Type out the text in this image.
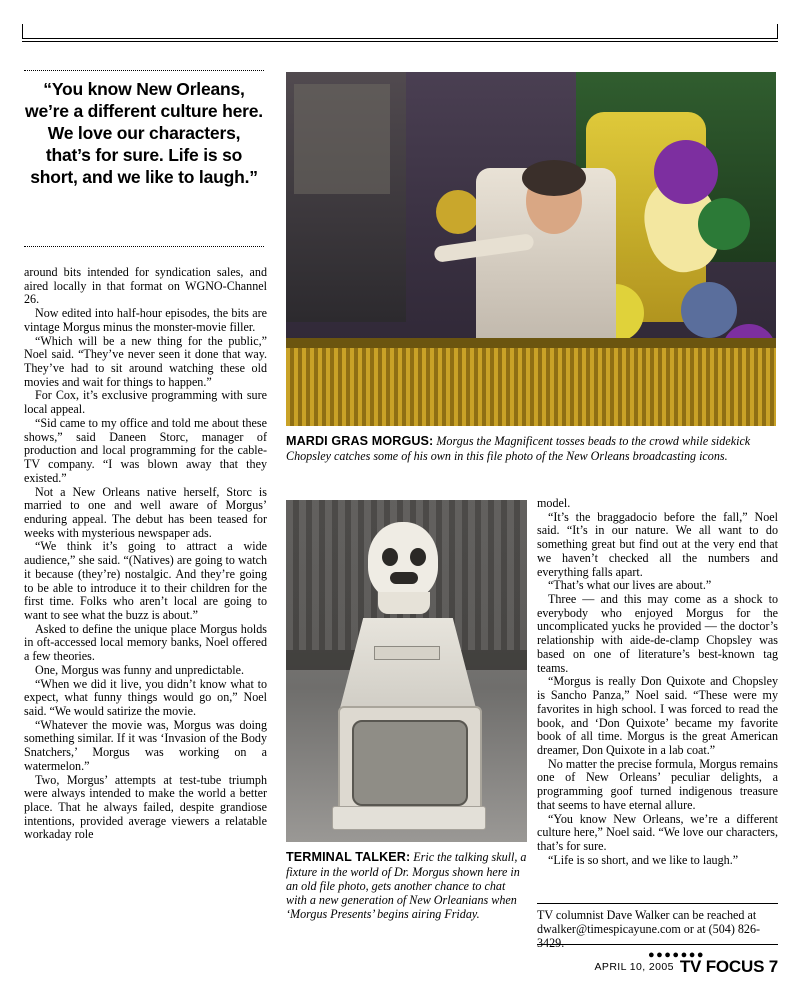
“You know New Orleans, we’re a different culture here. We love our characters, that’s for sure. Life is so short, and we like to laugh.”
MARDI GRAS MORGUS: Morgus the Magnificent tosses beads to the crowd while sidekick Chopsley catches some of his own in this file photo of the New Orleans broadcasting icons.
TERMINAL TALKER: Eric the talking skull, a fixture in the world of Dr. Morgus shown here in an old file photo, gets another chance to chat with a new generation of New Orleanians when ‘Morgus Presents’ begins airing Friday.

around bits intended for syndication sales, and aired locally in that format on WGNO-Channel 26.

Now edited into half-hour episodes, the bits are vintage Morgus minus the monster-movie filler.

“Which will be a new thing for the public,” Noel said. “They’ve never seen it done that way. They’ve had to sit around watching these old movies and wait for things to happen.”

For Cox, it’s exclusive programming with sure local appeal.

“Sid came to my office and told me about these shows,” said Daneen Storc, manager of production and local programming for the cable-TV company. “I was blown away that they existed.”

Not a New Orleans native herself, Storc is married to one and well aware of Morgus’ enduring appeal. The debut has been teased for weeks with mysterious newspaper ads.

“We think it’s going to attract a wide audience,” she said. “(Natives) are going to watch it because (they’re) nostalgic. And they’re going to be able to introduce it to their children for the first time. Folks who aren’t local are going to want to see what the buzz is about.”

Asked to define the unique place Morgus holds in oft-accessed local memory banks, Noel offered a few theories.

One, Morgus was funny and unpredictable.

“When we did it live, you didn’t know what to expect, what funny things would go on,” Noel said. “We would satirize the movie.

“Whatever the movie was, Morgus was doing something similar. If it was ‘Invasion of the Body Snatchers,’ Morgus was working on a watermelon.”

Two, Morgus’ attempts at test-tube triumph were always intended to make the world a better place. That he always failed, despite grandiose intentions, provided average viewers a relatable workaday role

model.

“It’s the braggadocio before the fall,” Noel said. “It’s in our nature. We all want to do something great but find out at the very end that we haven’t checked all the numbers and everything falls apart.

“That’s what our lives are about.”

Three — and this may come as a shock to everybody who enjoyed Morgus for the uncomplicated yucks he provided — the doctor’s relationship with aide-de-clamp Chopsley was based on one of literature’s best-known tag teams.

“Morgus is really Don Quixote and Chopsley is Sancho Panza,” Noel said. “These were my favorites in high school. I was forced to read the book, and ‘Don Quixote’ became my favorite book of all time. Morgus is the great American dreamer, Don Quixote in a lab coat.”

No matter the precise formula, Morgus remains one of New Orleans’ peculiar delights, a programming goof turned indigenous treasure that seems to have eternal allure.

“You know New Orleans, we’re a different culture here,” Noel said. “We love our characters, that’s for sure.

“Life is so short, and we like to laugh.”

TV columnist Dave Walker can be reached at dwalker@timespicayune.com or at (504) 826-3429.
●●●●●●●
APRIL 10, 2005 TV FOCUS 7
